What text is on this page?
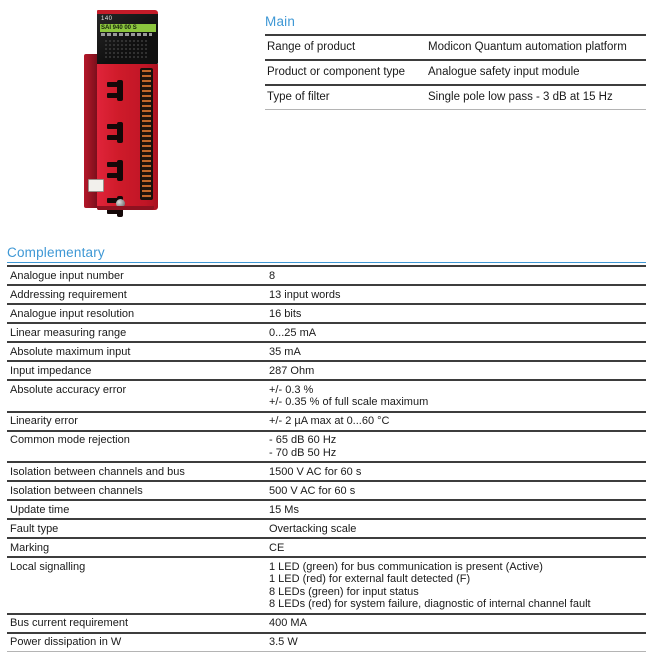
140
SAI 940 00 S	Main
Range of product	Modicon Quantum automation platform
Product or component type	Analogue safety input module
Type of filter	Single pole low pass - 3 dB at 15 Hz
Complementary
Analogue input number	8
Addressing requirement	13 input words
Analogue input resolution	16 bits
Linear measuring range	0...25 mA
Absolute maximum input	35 mA
Input impedance	287 Ohm
Absolute accuracy error	+/- 0.3 %
+/- 0.35 % of full scale maximum
Linearity error	+/- 2 µA max at 0...60 °C
Common mode rejection	- 65 dB 60 Hz
- 70 dB 50 Hz
Isolation between channels and bus	1500 V AC for 60 s
Isolation between channels	500 V AC for 60 s
Update time	15 Ms
Fault type	Overtacking scale
Marking	CE
Local signalling	1 LED (green) for bus communication is present (Active)
1 LED (red) for external fault detected (F)
8 LEDs (green) for input status
8 LEDs (red) for system failure, diagnostic of internal channel fault
Bus current requirement	400 MA
Power dissipation in W	3.5 W
